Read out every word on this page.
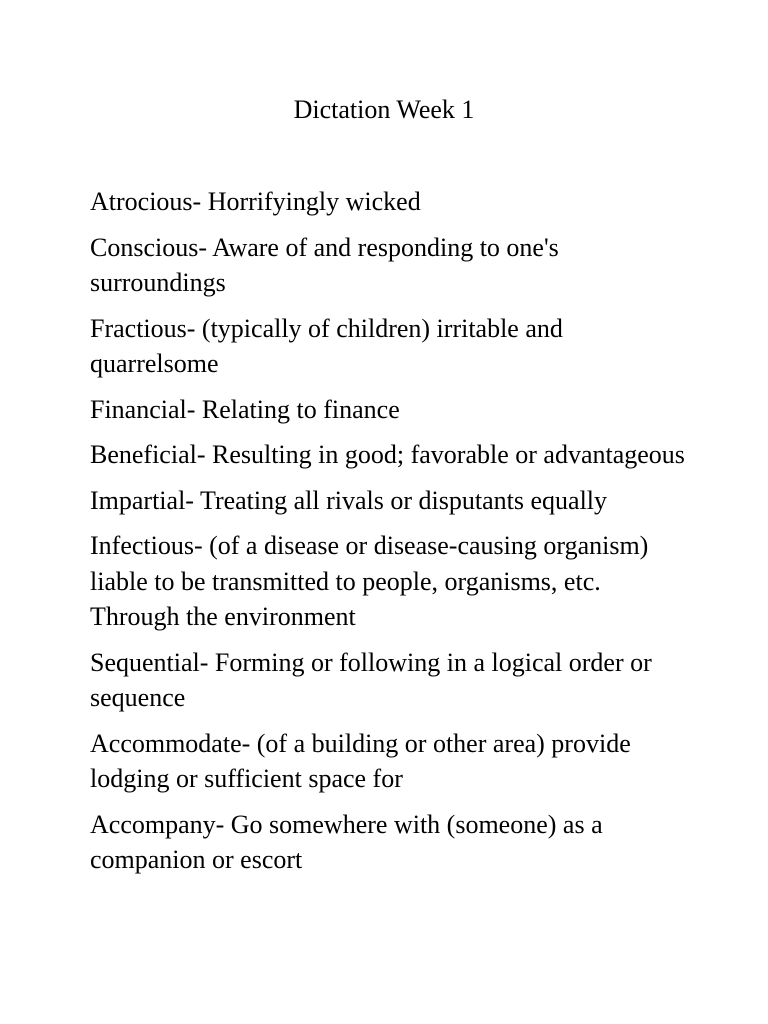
Dictation Week 1
Atrocious- Horrifyingly wicked
Conscious- Aware of and responding to one's surroundings
Fractious- (typically of children) irritable and quarrelsome
Financial- Relating to finance
Beneficial- Resulting in good; favorable or advantageous
Impartial- Treating all rivals or disputants equally
Infectious- (of a disease or disease-causing organism) liable to be transmitted to people, organisms, etc. Through the environment
Sequential- Forming or following in a logical order or sequence
Accommodate- (of a building or other area) provide lodging or sufficient space for
Accompany- Go somewhere with (someone) as a companion or escort
